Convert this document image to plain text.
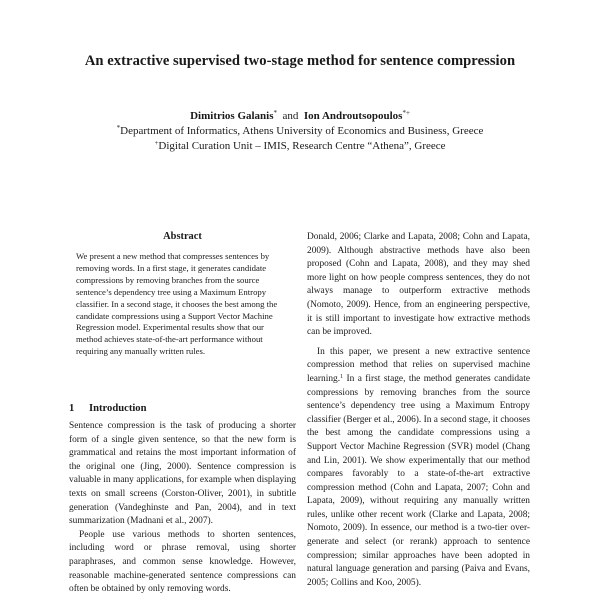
An extractive supervised two-stage method for sentence compression
Dimitrios Galanis* and Ion Androutsopoulos*+
*Department of Informatics, Athens University of Economics and Business, Greece
+Digital Curation Unit – IMIS, Research Centre “Athena”, Greece
Abstract
We present a new method that compresses sentences by removing words. In a first stage, it generates candidate compressions by removing branches from the source sentence’s dependency tree using a Maximum Entropy classifier. In a second stage, it chooses the best among the candidate compressions using a Support Vector Machine Regression model. Experimental results show that our method achieves state-of-the-art performance without requiring any manually written rules.
1 Introduction

Sentence compression is the task of producing a shorter form of a single given sentence, so that the new form is grammatical and retains the most important information of the original one (Jing, 2000). Sentence compression is valuable in many applications, for example when displaying texts on small screens (Corston-Oliver, 2001), in subtitle generation (Vandeghinste and Pan, 2004), and in text summarization (Madnani et al., 2007).

People use various methods to shorten sentences, including word or phrase removal, using shorter paraphrases, and common sense knowledge. However, reasonable machine-generated sentence compressions can often be obtained by only removing words.

Donald, 2006; Clarke and Lapata, 2008; Cohn and Lapata, 2009). Although abstractive methods have also been proposed (Cohn and Lapata, 2008), and they may shed more light on how people compress sentences, they do not always manage to outperform extractive methods (Nomoto, 2009). Hence, from an engineering perspective, it is still important to investigate how extractive methods can be improved.

In this paper, we present a new extractive sentence compression method that relies on supervised machine learning.$^1$ In a first stage, the method generates candidate compressions by removing branches from the source sentence’s dependency tree using a Maximum Entropy classifier (Berger et al., 2006). In a second stage, it chooses the best among the candidate compressions using a Support Vector Machine Regression (SVR) model (Chang and Lin, 2001). We show experimentally that our method compares favorably to a state-of-the-art extractive compression method (Cohn and Lapata, 2007; Cohn and Lapata, 2009), without requiring any manually written rules, unlike other recent work (Clarke and Lapata, 2008; Nomoto, 2009). In essence, our method is a two-tier over-generate and select (or rerank) approach to sentence compression; similar approaches have been adopted in natural language generation and parsing (Paiva and Evans, 2005; Collins and Koo, 2005).
